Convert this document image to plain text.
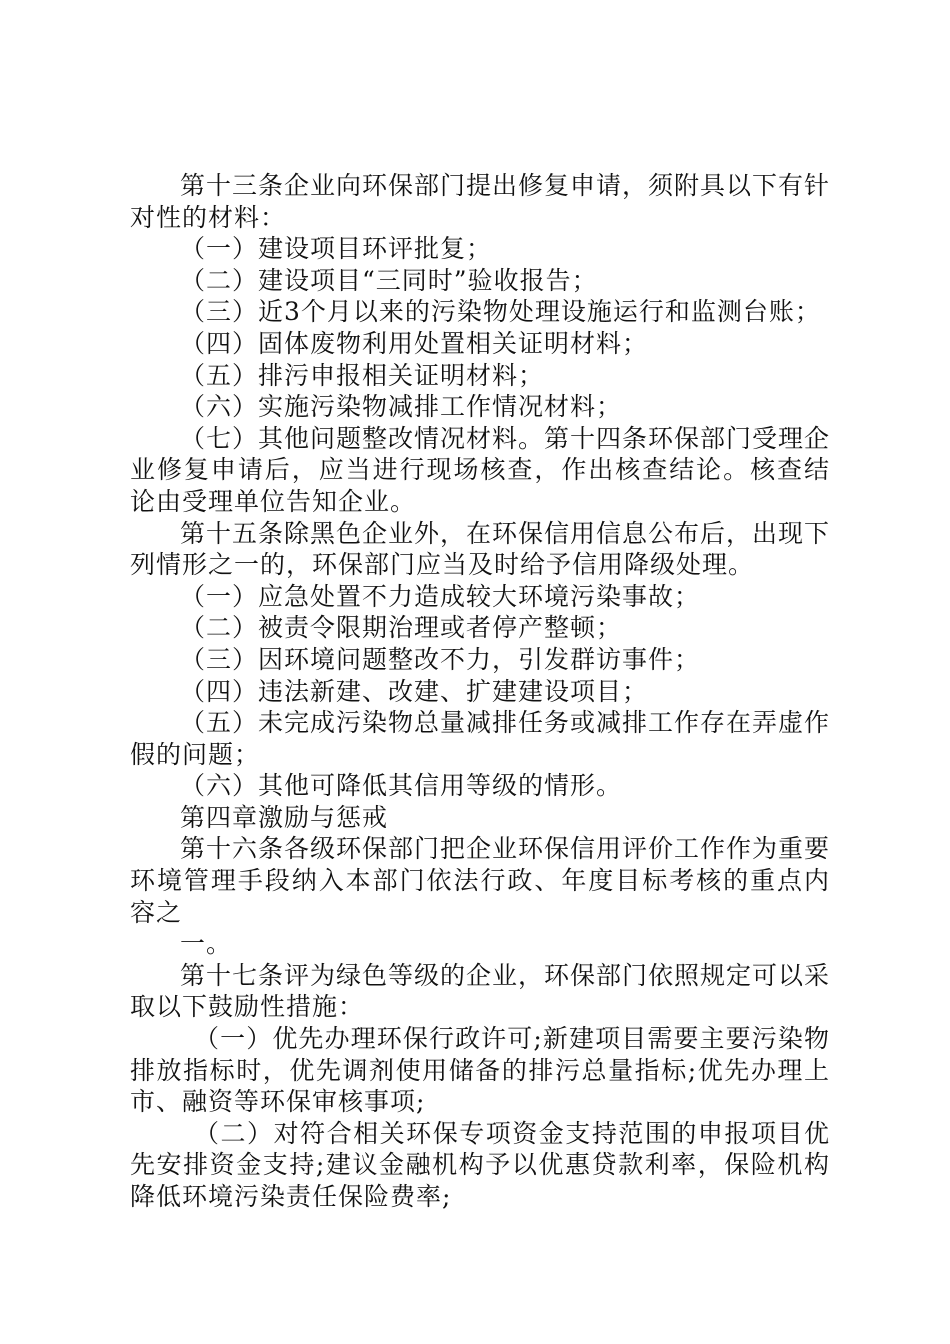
第十三条企业向环保部门提出修复申请，须附具以下有针对性的材料：

（一）建设项目环评批复；

（二）建设项目“三同时”验收报告；

（三）近3个月以来的污染物处理设施运行和监测台账；

（四）固体废物利用处置相关证明材料；

（五）排污申报相关证明材料；

（六）实施污染物减排工作情况材料；

（七）其他问题整改情况材料。第十四条环保部门受理企业修复申请后，应当进行现场核查，作出核查结论。核查结论由受理单位告知企业。

第十五条除黑色企业外，在环保信用信息公布后，出现下列情形之一的，环保部门应当及时给予信用降级处理。

（一）应急处置不力造成较大环境污染事故；

（二）被责令限期治理或者停产整顿；

（三）因环境问题整改不力，引发群访事件；

（四）违法新建、改建、扩建建设项目；

（五）未完成污染物总量减排任务或减排工作存在弄虚作假的问题；

（六）其他可降低其信用等级的情形。

第四章激励与惩戒

第十六条各级环保部门把企业环保信用评价工作作为重要环境管理手段纳入本部门依法行政、年度目标考核的重点内容之

一。

第十七条评为绿色等级的企业，环保部门依照规定可以采取以下鼓励性措施：

（一）优先办理环保行政许可;新建项目需要主要污染物排放指标时，优先调剂使用储备的排污总量指标;优先办理上市、融资等环保审核事项;

（二）对符合相关环保专项资金支持范围的申报项目优先安排资金支持;建议金融机构予以优惠贷款利率，保险机构降低环境污染责任保险费率;
